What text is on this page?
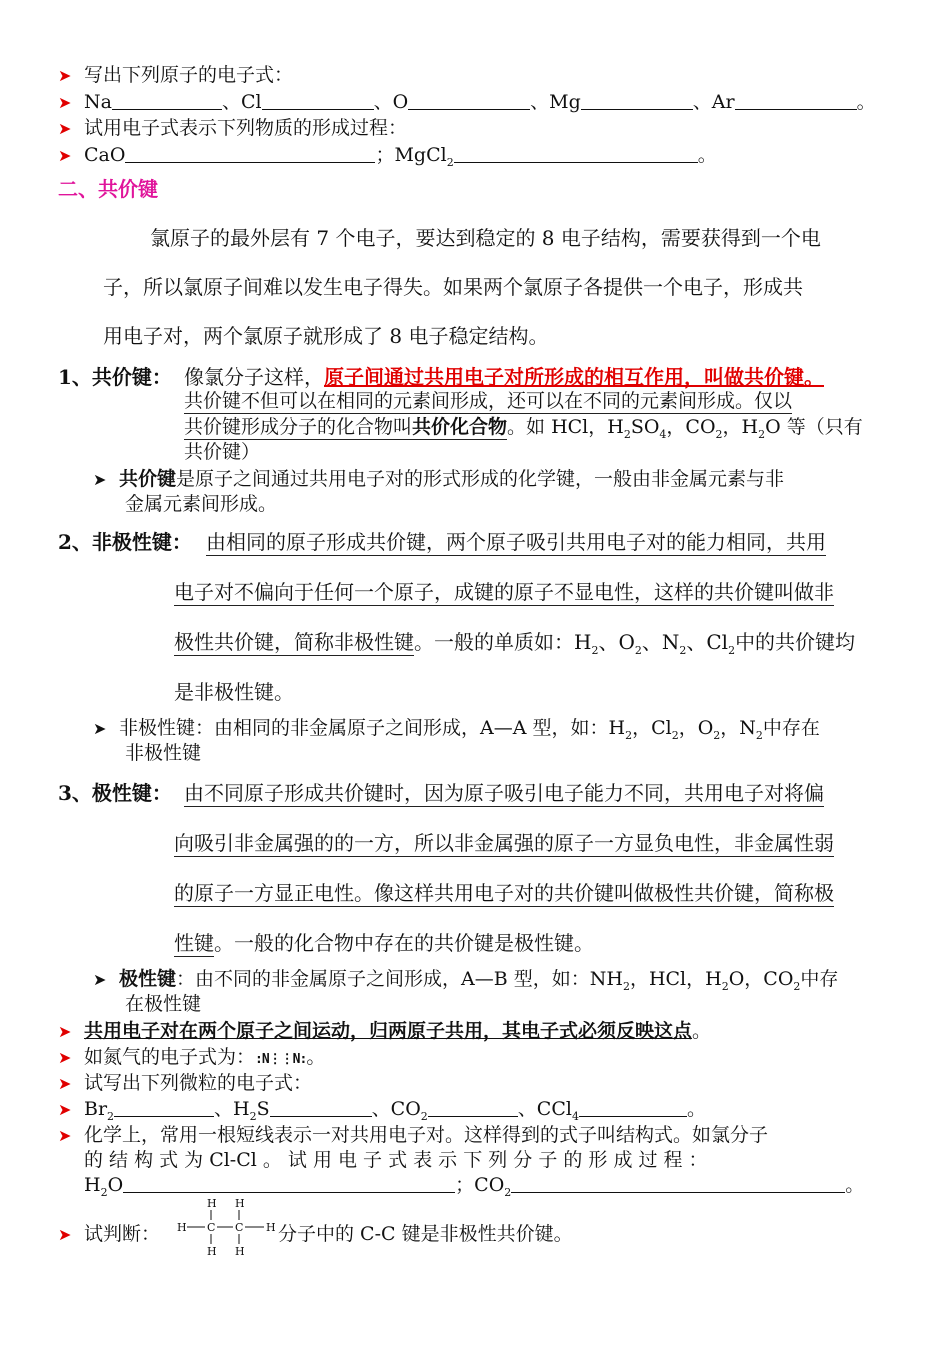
➤ 写出下列原子的电子式：
➤ Na	、Cl	、O	、Mg	、Ar	。
➤ 试用电子式表示下列物质的形成过程：
➤ CaO	；MgCl$_2$	。
二、共价键
氯原子的最外层有 7 个电子，要达到稳定的 8 电子结构，需要获得到一个电
子，所以氯原子间难以发生电子得失。如果两个氯原子各提供一个电子，形成共
用电子对，两个氯原子就形成了 8 电子稳定结构。
1、共价键： 像氯分子这样，原子间通过共用电子对所形成的相互作用，叫做共价键。
共价键不但可以在相同的元素间形成，还可以在不同的元素间形成。仅以
共价键形成分子的化合物叫共价化合物。如 HCl，$H_2SO_4$，$CO_2$，$H_2O$ 等（只有
共价键）
➤ 共价键是原子之间通过共用电子对的形式形成的化学键，一般由非金属元素与非
金属元素间形成。
2、非极性键： 由相同的原子形成共价键，两个原子吸引共用电子对的能力相同，共用
电子对不偏向于任何一个原子，成键的原子不显电性，这样的共价键叫做非
极性共价键，简称非极性键。一般的单质如：$H_2$、$O_2$、$N_2$、$Cl_2$中的共价键均
是非极性键。
➤ 非极性键：由相同的非金属原子之间形成，A—A 型，如：$H_2$，$Cl_2$，$O_2$，$N_2$中存在
非极性键
3、极性键： 由不同原子形成共价键时，因为原子吸引电子能力不同，共用电子对将偏
向吸引非金属强的的一方，所以非金属强的原子一方显负电性，非金属性弱
的原子一方显正电性。像这样共用电子对的共价键叫做极性共价键，简称极
性键。一般的化合物中存在的共价键是极性键。
➤ 极性键：由不同的非金属原子之间形成，A—B 型，如：$NH_2$，HCl，$H_2O$，$CO_2$中存
在极性键
➤ 共用电子对在两个原子之间运动，归两原子共用，其电子式必须反映这点。
➤ 如氮气的电子式为：:N⋮⋮N:。
➤ 试写出下列微粒的电子式：
➤ $Br_2$	、$H_2S$	、$CO_2$	、CCl$_4$	。
➤ 化学上，常用一根短线表示一对共用电子对。这样得到的式子叫结构式。如氯分子
的 结 构 式 为 Cl-Cl 。 试 用 电 子 式 表 示 下 列 分 子 的 形 成 过 程 ：
$H_2O$	；$CO_2$	。
➤ 试判断：
H H
H C C H
H H
分子中的 C-C 键是非极性共价键。
